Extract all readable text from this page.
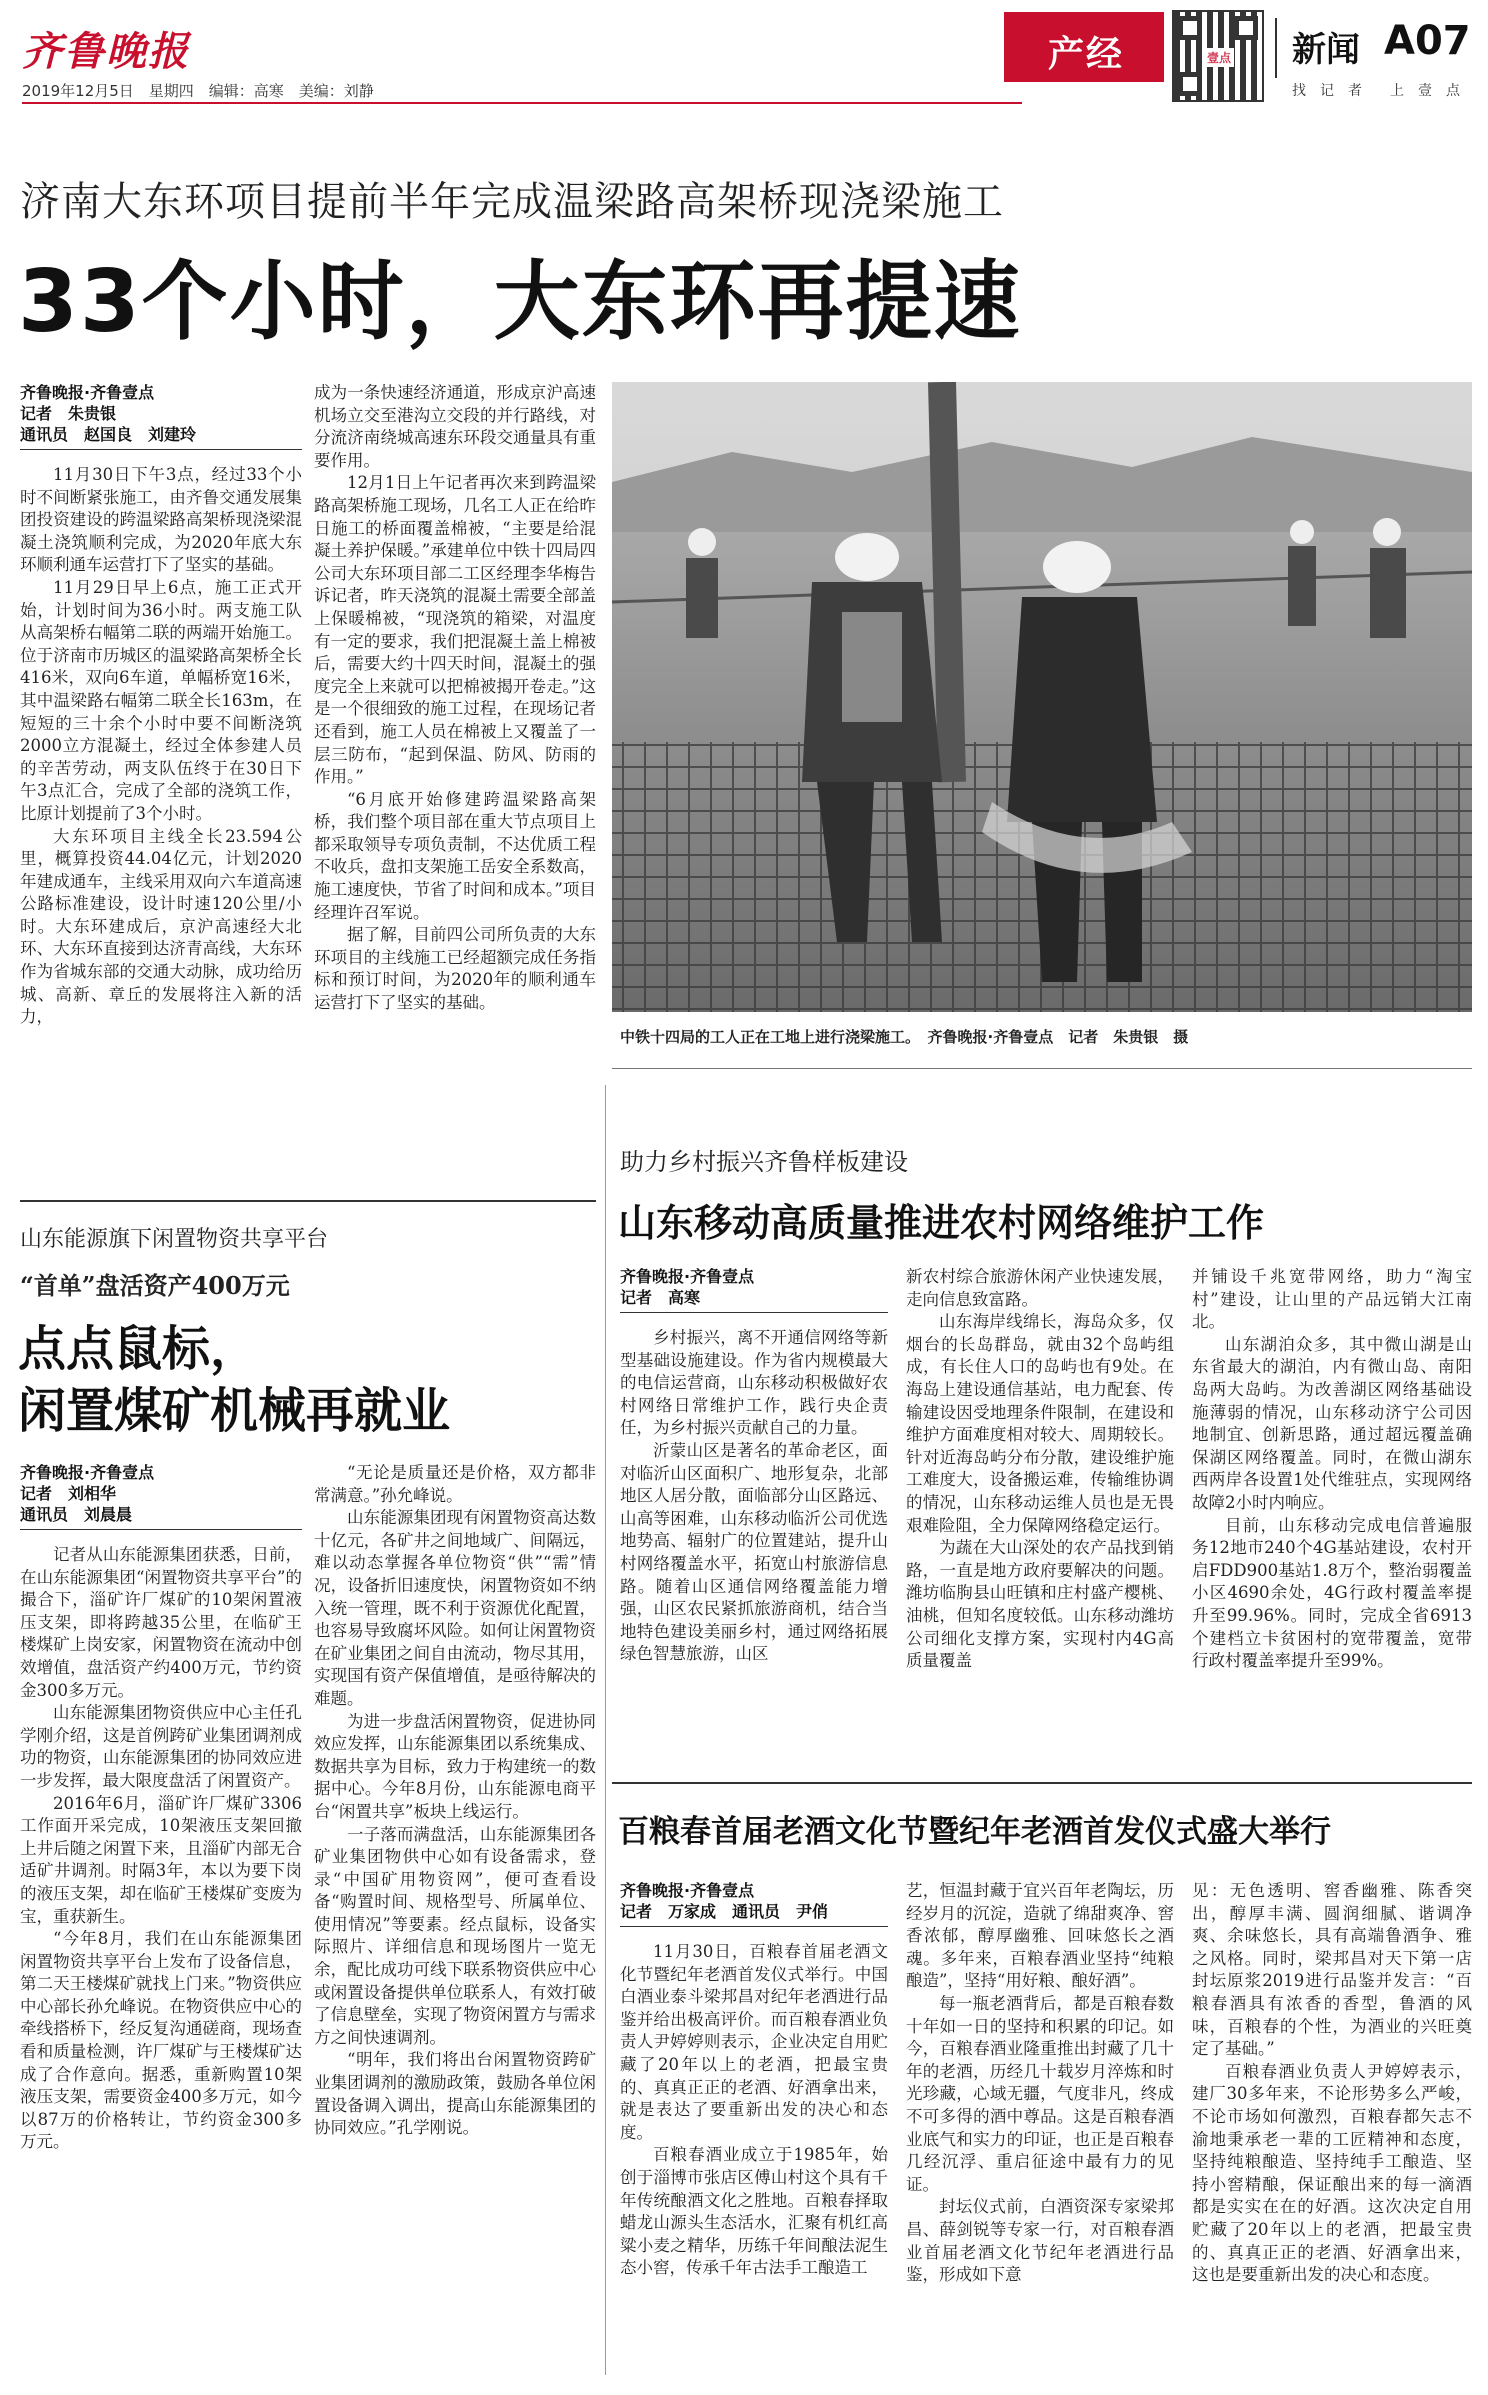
齐鲁晚报
2019年12月5日　星期四　编辑：高寒　美编：刘静
产经	壹点 新闻 A07
找　记　者　　上　壹　点
济南大东环项目提前半年完成温梁路高架桥现浇梁施工
33个小时，大东环再提速
齐鲁晚报·齐鲁壹点
记者　朱贵银
通讯员　赵国良　刘建玲

11月30日下午3点，经过33个小时不间断紧张施工，由齐鲁交通发展集团投资建设的跨温梁路高架桥现浇梁混凝土浇筑顺利完成，为2020年底大东环顺利通车运营打下了坚实的基础。

11月29日早上6点，施工正式开始，计划时间为36小时。两支施工队从高架桥右幅第二联的两端开始施工。位于济南市历城区的温梁路高架桥全长416米，双向6车道，单幅桥宽16米，其中温梁路右幅第二联全长163m，在短短的三十余个小时中要不间断浇筑2000立方混凝土，经过全体参建人员的辛苦劳动，两支队伍终于在30日下午3点汇合，完成了全部的浇筑工作，比原计划提前了3个小时。

大东环项目主线全长23.594公里，概算投资44.04亿元，计划2020年建成通车，主线采用双向六车道高速公路标准建设，设计时速120公里/小时。大东环建成后，京沪高速经大北环、大东环直接到达济青高线，大东环作为省城东部的交通大动脉，成功给历城、高新、章丘的发展将注入新的活力，

成为一条快速经济通道，形成京沪高速机场立交至港沟立交段的并行路线，对分流济南绕城高速东环段交通量具有重要作用。

12月1日上午记者再次来到跨温梁路高架桥施工现场，几名工人正在给昨日施工的桥面覆盖棉被，“主要是给混凝土养护保暖。”承建单位中铁十四局四公司大东环项目部二工区经理李华梅告诉记者，昨天浇筑的混凝土需要全部盖上保暖棉被，“现浇筑的箱梁，对温度有一定的要求，我们把混凝土盖上棉被后，需要大约十四天时间，混凝土的强度完全上来就可以把棉被揭开卷走。”这是一个很细致的施工过程，在现场记者还看到，施工人员在棉被上又覆盖了一层三防布，“起到保温、防风、防雨的作用。”

“6月底开始修建跨温梁路高架桥，我们整个项目部在重大节点项目上都采取领导专项负责制，不达优质工程不收兵，盘扣支架施工岳安全系数高，施工速度快，节省了时间和成本。”项目经理许召军说。

据了解，目前四公司所负责的大东环项目的主线施工已经超额完成任务指标和预订时间，为2020年的顺利通车运营打下了坚实的基础。

中铁十四局的工人正在工地上进行浇梁施工。　齐鲁晚报·齐鲁壹点　记者　朱贵银　摄
山东能源旗下闲置物资共享平台
“首单”盘活资产400万元
点点鼠标，
闲置煤矿机械再就业
齐鲁晚报·齐鲁壹点
记者　刘相华
通讯员　刘晨晨

记者从山东能源集团获悉，日前，在山东能源集团“闲置物资共享平台”的撮合下，淄矿许厂煤矿的10架闲置液压支架，即将跨越35公里，在临矿王楼煤矿上岗安家，闲置物资在流动中创效增值，盘活资产约400万元，节约资金300多万元。

山东能源集团物资供应中心主任孔学刚介绍，这是首例跨矿业集团调剂成功的物资，山东能源集团的协同效应进一步发挥，最大限度盘活了闲置资产。

2016年6月，淄矿许厂煤矿3306工作面开采完成，10架液压支架回撤上井后随之闲置下来，且淄矿内部无合适矿井调剂。时隔3年，本以为要下岗的液压支架，却在临矿王楼煤矿变废为宝，重获新生。

“今年8月，我们在山东能源集团闲置物资共享平台上发布了设备信息，第二天王楼煤矿就找上门来。”物资供应中心部长孙允峰说。在物资供应中心的牵线搭桥下，经反复沟通磋商，现场查看和质量检测，许厂煤矿与王楼煤矿达成了合作意向。据悉，重新购置10架液压支架，需要资金400多万元，如今以87万的价格转让，节约资金300多万元。

“无论是质量还是价格，双方都非常满意。”孙允峰说。

山东能源集团现有闲置物资高达数十亿元，各矿井之间地域广、间隔远，难以动态掌握各单位物资“供”“需”情况，设备折旧速度快，闲置物资如不纳入统一管理，既不利于资源优化配置，也容易导致腐坏风险。如何让闲置物资在矿业集团之间自由流动，物尽其用，实现国有资产保值增值，是亟待解决的难题。

为进一步盘活闲置物资，促进协同效应发挥，山东能源集团以系统集成、数据共享为目标，致力于构建统一的数据中心。今年8月份，山东能源电商平台“闲置共享”板块上线运行。

一子落而满盘活，山东能源集团各矿业集团物供中心如有设备需求，登录“中国矿用物资网”，便可查看设备“购置时间、规格型号、所属单位、使用情况”等要素。经点鼠标，设备实际照片、详细信息和现场图片一览无余，配比成功可线下联系物资供应中心或闲置设备提供单位联系人，有效打破了信息壁垒，实现了物资闲置方与需求方之间快速调剂。

“明年，我们将出台闲置物资跨矿业集团调剂的激励政策，鼓励各单位闲置设备调入调出，提高山东能源集团的协同效应。”孔学刚说。

助力乡村振兴齐鲁样板建设
山东移动高质量推进农村网络维护工作
齐鲁晚报·齐鲁壹点
记者　高寒

乡村振兴，离不开通信网络等新型基础设施建设。作为省内规模最大的电信运营商，山东移动积极做好农村网络日常维护工作，践行央企责任，为乡村振兴贡献自己的力量。

沂蒙山区是著名的革命老区，面对临沂山区面积广、地形复杂，北部地区人居分散，面临部分山区路远、山高等困难，山东移动临沂公司优选地势高、辐射广的位置建站，提升山村网络覆盖水平，拓宽山村旅游信息路。随着山区通信网络覆盖能力增强，山区农民紧抓旅游商机，结合当地特色建设美丽乡村，通过网络拓展绿色智慧旅游，山区

新农村综合旅游休闲产业快速发展，走向信息致富路。

山东海岸线绵长，海岛众多，仅烟台的长岛群岛，就由32个岛屿组成，有长住人口的岛屿也有9处。在海岛上建设通信基站，电力配套、传输建设因受地理条件限制，在建设和维护方面难度相对较大、周期较长。针对近海岛屿分布分散，建设维护施工难度大，设备搬运难，传输维协调的情况，山东移动运维人员也是无畏艰难险阻，全力保障网络稳定运行。

为蔬在大山深处的农产品找到销路，一直是地方政府要解决的问题。潍坊临朐县山旺镇和庄村盛产樱桃、油桃，但知名度较低。山东移动潍坊公司细化支撑方案，实现村内4G高质量覆盖

并铺设千兆宽带网络，助力“淘宝村”建设，让山里的产品远销大江南北。

山东湖泊众多，其中微山湖是山东省最大的湖泊，内有微山岛、南阳岛两大岛屿。为改善湖区网络基础设施薄弱的情况，山东移动济宁公司因地制宜、创新思路，通过超远覆盖确保湖区网络覆盖。同时，在微山湖东西两岸各设置1处代维驻点，实现网络故障2小时内响应。

目前，山东移动完成电信普遍服务12地市240个4G基站建设，农村开启FDD900基站1.8万个，整治弱覆盖小区4690余处，4G行政村覆盖率提升至99.96%。同时，完成全省6913个建档立卡贫困村的宽带覆盖，宽带行政村覆盖率提升至99%。

百粮春首届老酒文化节暨纪年老酒首发仪式盛大举行
齐鲁晚报·齐鲁壹点
记者　万家成　通讯员　尹俏

11月30日，百粮春首届老酒文化节暨纪年老酒首发仪式举行。中国白酒业泰斗梁邦昌对纪年老酒进行品鉴并给出极高评价。而百粮春酒业负责人尹婷婷则表示，企业决定自用贮藏了20年以上的老酒，把最宝贵的、真真正正的老酒、好酒拿出来，就是表达了要重新出发的决心和态度。

百粮春酒业成立于1985年，始创于淄博市张店区傅山村这个具有千年传统酿酒文化之胜地。百粮春择取蜡龙山源头生态活水，汇聚有机红高粱小麦之精华，历练千年间酿法泥生态小窖，传承千年古法手工酿造工

艺，恒温封藏于宜兴百年老陶坛，历经岁月的沉淀，造就了绵甜爽净、窖香浓郁，醇厚幽雅、回味悠长之酒魂。多年来，百粮春酒业坚持“纯粮酿造”，坚持“用好粮、酿好酒”。

每一瓶老酒背后，都是百粮春数十年如一日的坚持和积累的印记。如今，百粮春酒业隆重推出封藏了几十年的老酒，历经几十载岁月淬炼和时光珍藏，心域无疆，气度非凡，终成不可多得的酒中尊品。这是百粮春酒业底气和实力的印证，也正是百粮春几经沉浮、重启征途中最有力的见证。

封坛仪式前，白酒资深专家梁邦昌、薛剑锐等专家一行，对百粮春酒业首届老酒文化节纪年老酒进行品鉴，形成如下意

见：无色透明、窖香幽雅、陈香突出，醇厚丰满、圆润细腻、谐调净爽、余味悠长，具有高端鲁酒争、雅之风格。同时，梁邦昌对天下第一店封坛原浆2019进行品鉴并发言：“百粮春酒具有浓香的香型，鲁酒的风味，百粮春的个性，为酒业的兴旺奠定了基础。”

百粮春酒业负责人尹婷婷表示，建厂30多年来，不论形势多么严峻，不论市场如何激烈，百粮春都矢志不渝地秉承老一辈的工匠精神和态度，坚持纯粮酿造、坚持纯手工酿造、坚持小窖精酿，保证酿出来的每一滴酒都是实实在在的好酒。这次决定自用贮藏了20年以上的老酒，把最宝贵的、真真正正的老酒、好酒拿出来，这也是要重新出发的决心和态度。
